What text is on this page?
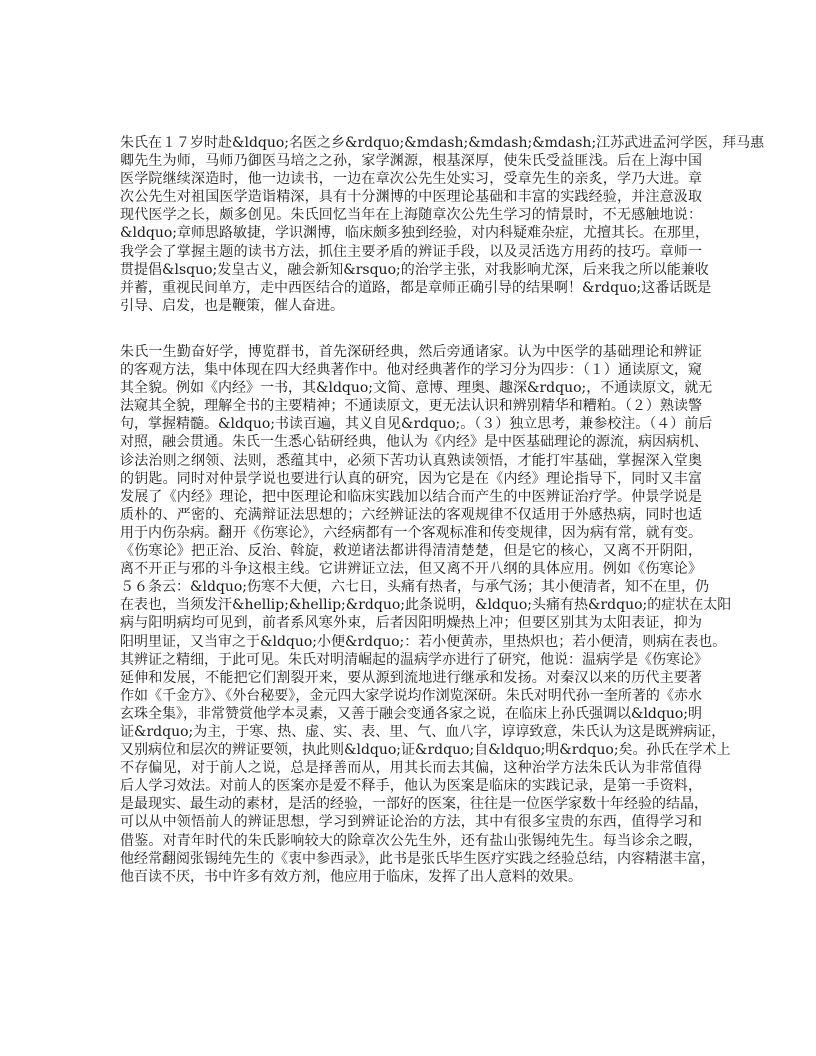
朱氏在１７岁时赴&ldquo;名医之乡&rdquo;&mdash;&mdash;&mdash;江苏武进孟河学医，拜马惠
卿先生为师，马师乃御医马培之之孙，家学渊源，根基深厚，使朱氏受益匪浅。后在上海中国
医学院继续深造时，他一边读书，一边在章次公先生处实习，受章先生的亲炙，学乃大进。章
次公先生对祖国医学造诣精深，具有十分渊博的中医理论基础和丰富的实践经验，并注意汲取
现代医学之长，颇多创见。朱氏回忆当年在上海随章次公先生学习的情景时，不无感触地说：
&ldquo;章师思路敏捷，学识渊博，临床颇多独到经验，对内科疑难杂症，尤擅其长。在那里，
我学会了掌握主题的读书方法，抓住主要矛盾的辨证手段，以及灵活选方用药的技巧。章师一
贯提倡&lsquo;发皇古义，融会新知&rsquo;的治学主张，对我影响尤深，后来我之所以能兼收
并蓄，重视民间单方，走中西医结合的道路，都是章师正确引导的结果啊！&rdquo;这番话既是
引导、启发，也是鞭策，催人奋进。
朱氏一生勤奋好学，博览群书，首先深研经典，然后旁通诸家。认为中医学的基础理论和辨证
的客观方法，集中体现在四大经典著作中。他对经典著作的学习分为四步：（１）通读原文，窥
其全貌。例如《内经》一书，其&ldquo;文简、意博、理奥、趣深&rdquo;，不通读原文，就无
法窥其全貌，理解全书的主要精神；不通读原文，更无法认识和辨别精华和糟粕。（２）熟读警
句，掌握精髓。&ldquo;书读百遍，其义自见&rdquo;。（３）独立思考，兼参校注。（４）前后
对照，融会贯通。朱氏一生悉心钻研经典，他认为《内经》是中医基础理论的源流，病因病机、
诊法治则之纲领、法则，悉蕴其中，必须下苦功认真熟读领悟，才能打牢基础，掌握深入堂奥
的钥匙。同时对仲景学说也要进行认真的研究，因为它是在《内经》理论指导下，同时又丰富
发展了《内经》理论，把中医理论和临床实践加以结合而产生的中医辨证治疗学。仲景学说是
质朴的、严密的、充满辩证法思想的；六经辨证法的客观规律不仅适用于外感热病，同时也适
用于内伤杂病。翻开《伤寒论》，六经病都有一个客观标准和传变规律，因为病有常，就有变。
《伤寒论》把正治、反治、斡旋，救逆诸法都讲得清清楚楚，但是它的核心，又离不开阴阳，
离不开正与邪的斗争这根主线。它讲辨证立法，但又离不开八纲的具体应用。例如《伤寒论》
５６条云：&ldquo;伤寒不大便，六七日，头痛有热者，与承气汤；其小便清者，知不在里，仍
在表也，当须发汗&hellip;&hellip;&rdquo;此条说明，&ldquo;头痛有热&rdquo;的症状在太阳
病与阳明病均可见到，前者系风寒外束，后者因阳明燥热上冲；但要区别其为太阳表证，抑为
阳明里证，又当审之于&ldquo;小便&rdquo;：若小便黄赤，里热炽也；若小便清，则病在表也。
其辨证之精细，于此可见。朱氏对明清崛起的温病学亦进行了研究，他说：温病学是《伤寒论》
延伸和发展，不能把它们割裂开来，要从源到流地进行继承和发扬。对秦汉以来的历代主要著
作如《千金方》、《外台秘要》，金元四大家学说均作浏览深研。朱氏对明代孙一奎所著的《赤水
玄珠全集》，非常赞赏他学本灵素，又善于融会变通各家之说，在临床上孙氏强调以&ldquo;明
证&rdquo;为主，于寒、热、虚、实、表、里、气、血八字，谆谆致意，朱氏认为这是既辨病证，
又别病位和层次的辨证要领，执此则&ldquo;证&rdquo;自&ldquo;明&rdquo;矣。孙氏在学术上
不存偏见，对于前人之说，总是择善而从，用其长而去其偏，这种治学方法朱氏认为非常值得
后人学习效法。对前人的医案亦是爱不释手，他认为医案是临床的实践记录，是第一手资料，
是最现实、最生动的素材，是活的经验，一部好的医案，往往是一位医学家数十年经验的结晶，
可以从中领悟前人的辨证思想，学习到辨证论治的方法，其中有很多宝贵的东西，值得学习和
借鉴。对青年时代的朱氏影响较大的除章次公先生外，还有盐山张锡纯先生。每当诊余之暇，
他经常翻阅张锡纯先生的《衷中参西录》，此书是张氏毕生医疗实践之经验总结，内容精湛丰富，
他百读不厌，书中许多有效方剂，他应用于临床，发挥了出人意料的效果。
